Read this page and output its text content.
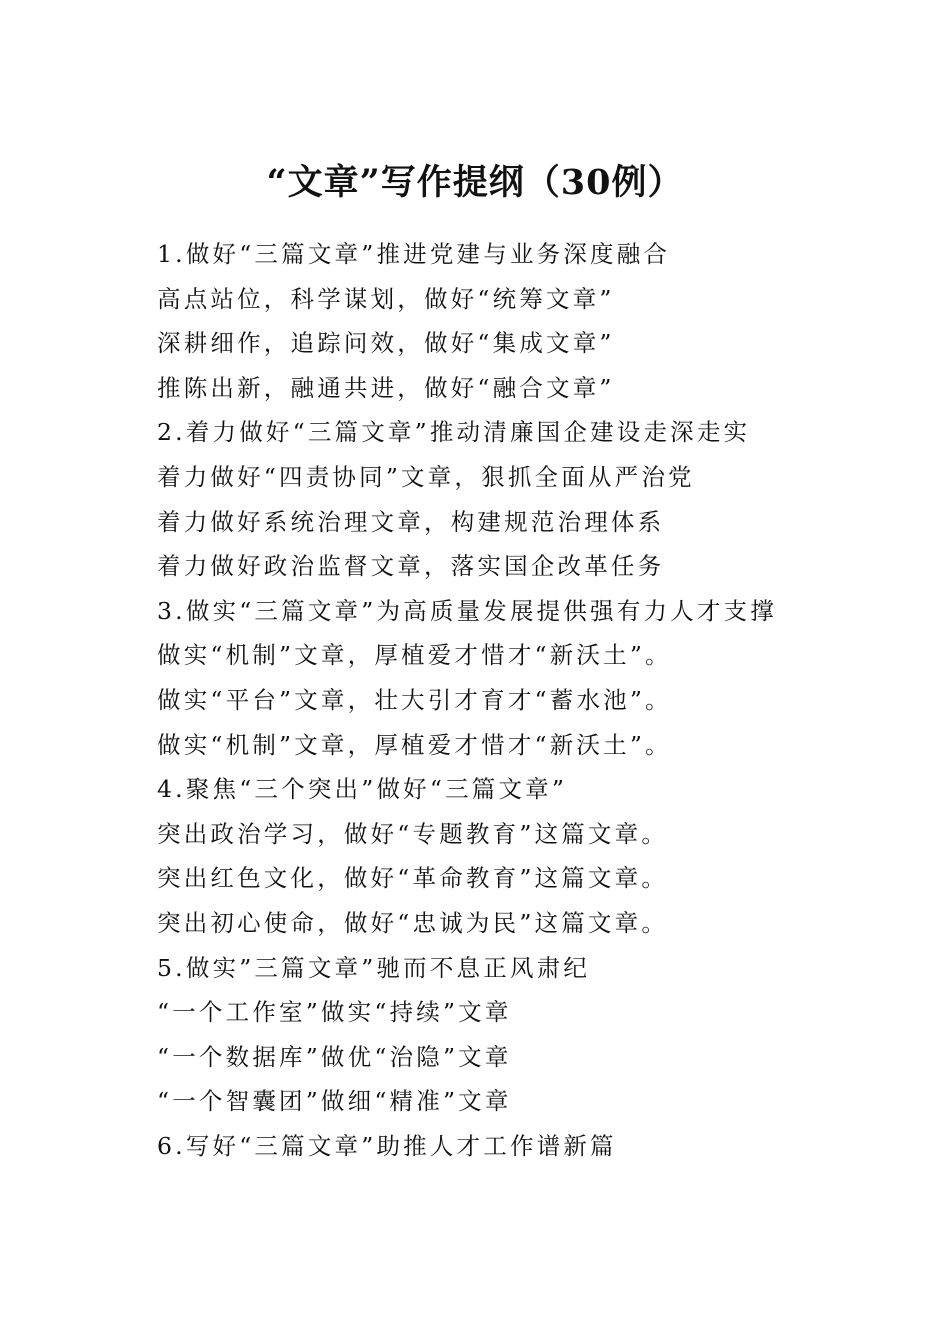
“文章”写作提纲（30例）
1.做好“三篇文章”推进党建与业务深度融合
高点站位，科学谋划，做好“统筹文章”
深耕细作，追踪问效，做好“集成文章”
推陈出新，融通共进，做好“融合文章”
2.着力做好“三篇文章”推动清廉国企建设走深走实
着力做好“四责协同”文章，狠抓全面从严治党
着力做好系统治理文章，构建规范治理体系
着力做好政治监督文章，落实国企改革任务
3.做实“三篇文章”为高质量发展提供强有力人才支撑
做实“机制”文章，厚植爱才惜才“新沃土”。
做实“平台”文章，壮大引才育才“蓄水池”。
做实“机制”文章，厚植爱才惜才“新沃土”。
4.聚焦“三个突出”做好“三篇文章”
突出政治学习，做好“专题教育”这篇文章。
突出红色文化，做好“革命教育”这篇文章。
突出初心使命，做好“忠诚为民”这篇文章。
5.做实”三篇文章”驰而不息正风肃纪
“一个工作室”做实“持续”文章
“一个数据库”做优“治隐”文章
“一个智囊团”做细“精准”文章
6.写好“三篇文章”助推人才工作谱新篇
